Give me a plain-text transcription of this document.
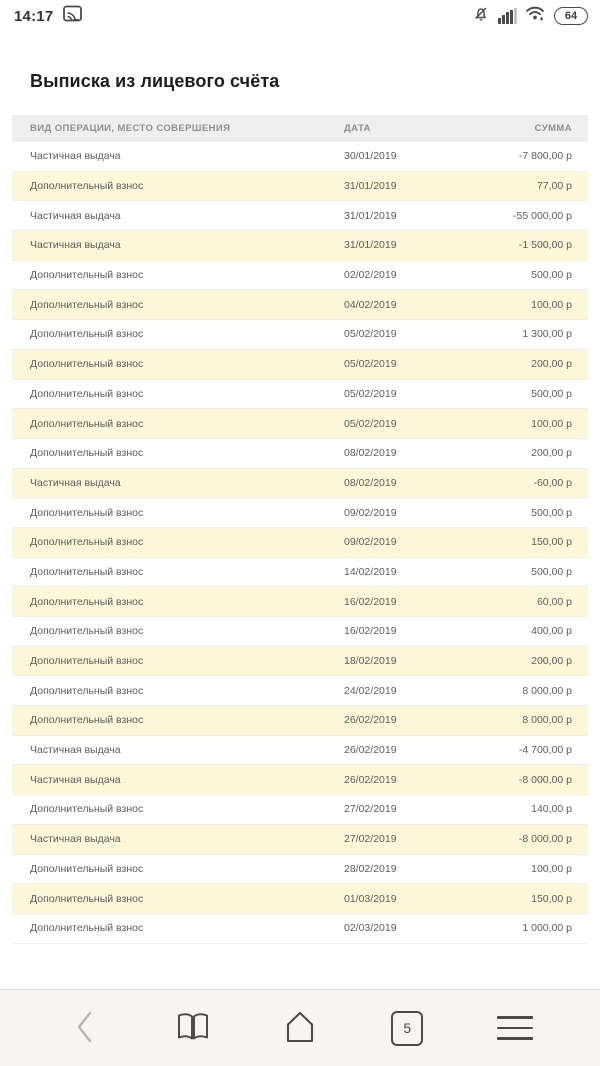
14:17	64
Выписка из лицевого счёта
ВИД ОПЕРАЦИИ, МЕСТО СОВЕРШЕНИЯ	ДАТА	СУММА
Частичная выдача	30/01/2019	-7 800,00 р
Дополнительный взнос	31/01/2019	77,00 р
Частичная выдача	31/01/2019	-55 000,00 р
Частичная выдача	31/01/2019	-1 500,00 р
Дополнительный взнос	02/02/2019	500,00 р
Дополнительный взнос	04/02/2019	100,00 р
Дополнительный взнос	05/02/2019	1 300,00 р
Дополнительный взнос	05/02/2019	200,00 р
Дополнительный взнос	05/02/2019	500,00 р
Дополнительный взнос	05/02/2019	100,00 р
Дополнительный взнос	08/02/2019	200,00 р
Частичная выдача	08/02/2019	-60,00 р
Дополнительный взнос	09/02/2019	500,00 р
Дополнительный взнос	09/02/2019	150,00 р
Дополнительный взнос	14/02/2019	500,00 р
Дополнительный взнос	16/02/2019	60,00 р
Дополнительный взнос	16/02/2019	400,00 р
Дополнительный взнос	18/02/2019	200,00 р
Дополнительный взнос	24/02/2019	8 000,00 р
Дополнительный взнос	26/02/2019	8 000,00 р
Частичная выдача	26/02/2019	-4 700,00 р
Частичная выдача	26/02/2019	-8 000,00 р
Дополнительный взнос	27/02/2019	140,00 р
Частичная выдача	27/02/2019	-8 000,00 р
Дополнительный взнос	28/02/2019	100,00 р
Дополнительный взнос	01/03/2019	150,00 р
Дополнительный взнос	02/03/2019	1 000,00 р
5
